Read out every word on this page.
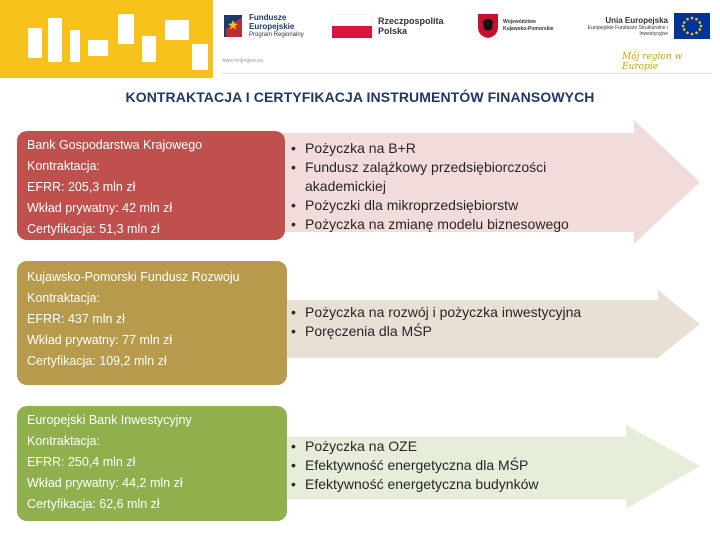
Fundusze
Europejskie
Program Regionalny
Rzeczpospolita
Polska
Województwo
Kujawsko-Pomorskie
Unia Europejska
Europejskie Fundusze Strukturalne i Inwestycyjne
www.mojregion.eu	Mój region w Europie
KONTRAKTACJA I CERTYFIKACJA INSTRUMENTÓW FINANSOWYCH
Bank Gospodarstwa Krajowego
Kontraktacja:
EFRR: 205,3 mln zł
Wkład prywatny: 42 mln zł
Certyfikacja: 51,3 mln zł
• Pożyczka na B+R
• Fundusz zalążkowy przedsiębiorczości akademickiej
• Pożyczki dla mikroprzedsiębiorstw
• Pożyczka na zmianę modelu biznesowego
Kujawsko-Pomorski Fundusz Rozwoju
Kontraktacja:
EFRR: 437 mln zł
Wkład prywatny: 77 mln zł
Certyfikacja: 109,2 mln zł
• Pożyczka na rozwój i pożyczka inwestycyjna
• Poręczenia dla MŚP
Europejski Bank Inwestycyjny
Kontraktacja:
EFRR: 250,4 mln zł
Wkład prywatny: 44,2 mln zł
Certyfikacja: 62,6 mln zł
• Pożyczka na OZE
• Efektywność energetyczna dla MŚP
• Efektywność energetyczna budynków
